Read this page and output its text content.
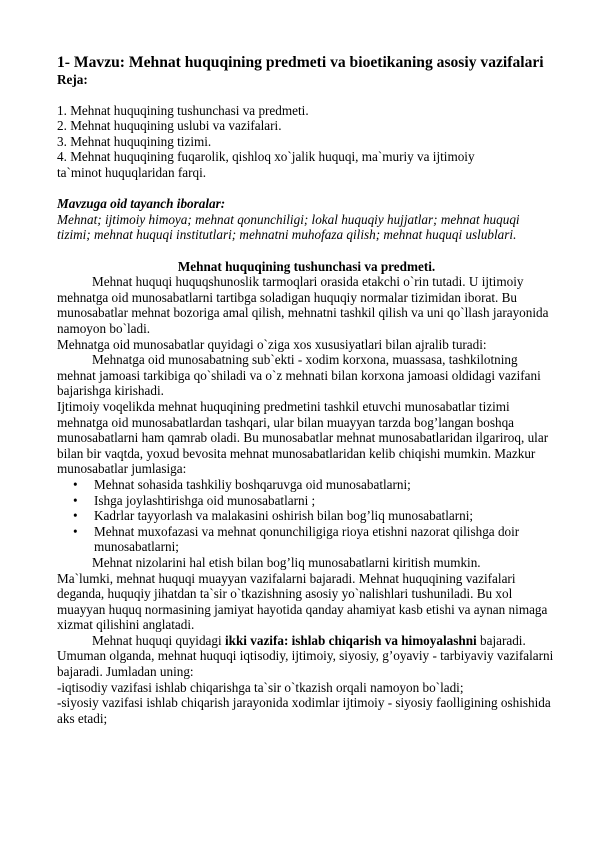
1- Mavzu: Mehnat huquqining predmeti va bioetikaning asosiy vazifalari

Reja:

1. Mehnat huquqining tushunchasi va predmeti.

2. Mehnat huquqining uslubi va vazifalari.

3. Mehnat huquqining tizimi.

4. Mehnat huquqining fuqarolik, qishloq xo`jalik huquqi, ma`muriy va ijtimoiy ta`minot huquqlaridan farqi.

Mavzuga oid tayanch iboralar:

Mehnat; ijtimoiy himoya; mehnat qonunchiligi; lokal huquqiy hujjatlar; mehnat huquqi tizimi; mehnat huquqi institutlari; mehnatni muhofaza qilish; mehnat huquqi uslublari.

Mehnat huquqining tushunchasi va predmeti.

Mehnat huquqi huquqshunoslik tarmoqlari orasida etakchi o`rin tutadi. U ijtimoiy mehnatga oid munosabatlarni tartibga soladigan huquqiy normalar tizimidan iborat. Bu munosabatlar mehnat bozoriga amal qilish, mehnatni tashkil qilish va uni qo`llash jarayonida namoyon bo`ladi.

Mehnatga oid munosabatlar quyidagi o`ziga xos xususiyatlari bilan ajralib turadi:

Mehnatga oid munosabatning sub`ekti - xodim korxona, muassasa, tashkilotning mehnat jamoasi tarkibiga qo`shiladi va o`z mehnati bilan korxona jamoasi oldidagi vazifani bajarishga kirishadi.

Ijtimoiy voqelikda mehnat huquqining predmetini tashkil etuvchi munosabatlar tizimi mehnatga oid munosabatlardan tashqari, ular bilan muayyan tarzda bog’langan boshqa munosabatlarni ham qamrab oladi. Bu munosabatlar mehnat munosabatlaridan ilgariroq, ular bilan bir vaqtda, yoxud bevosita mehnat munosabatlaridan kelib chiqishi mumkin. Mazkur munosabatlar jumlasiga:

• Mehnat sohasida tashkiliy boshqaruvga oid munosabatlarni;
• Ishga joylashtirishga oid munosabatlarni ;
• Kadrlar tayyorlash va malakasini oshirish bilan bog’liq munosabatlarni;
• Mehnat muxofazasi va mehnat qonunchiligiga rioya etishni nazorat qilishga doir munosabatlarni;

Mehnat nizolarini hal etish bilan bog’liq munosabatlarni kiritish mumkin.

Ma`lumki, mehnat huquqi muayyan vazifalarni bajaradi. Mehnat huquqining vazifalari deganda, huquqiy jihatdan ta`sir o`tkazishning asosiy yo`nalishlari tushuniladi. Bu xol muayyan huquq normasining jamiyat hayotida qanday ahamiyat kasb etishi va aynan nimaga xizmat qilishini anglatadi.

Mehnat huquqi quyidagi ikki vazifa: ishlab chiqarish va himoyalashni bajaradi.

Umuman olganda, mehnat huquqi iqtisodiy, ijtimoiy, siyosiy, g’oyaviy - tarbiyaviy vazifalarni bajaradi. Jumladan uning:

-iqtisodiy vazifasi ishlab chiqarishga ta`sir o`tkazish orqali namoyon bo`ladi;

-siyosiy vazifasi ishlab chiqarish jarayonida xodimlar ijtimoiy - siyosiy faolligining oshishida aks etadi;
